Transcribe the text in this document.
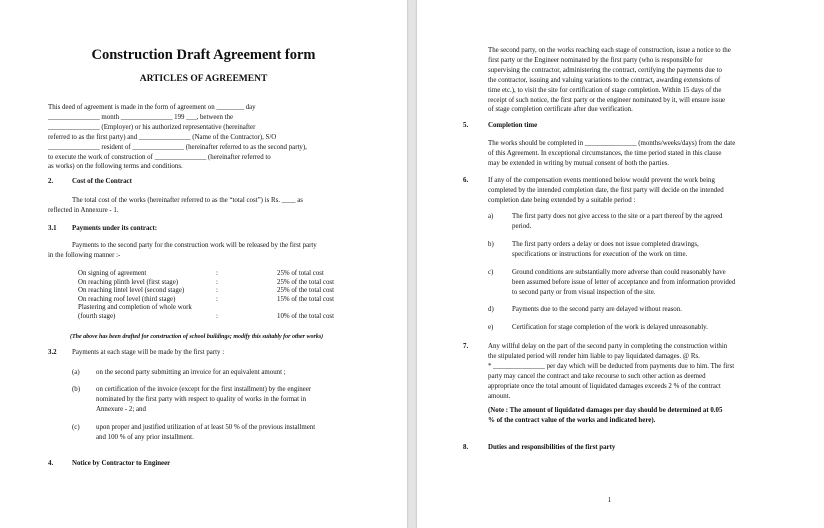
Construction Draft Agreement form
ARTICLES OF AGREEMENT
This deed of agreement is made in the form of agreement on ________ day
_______________ month _______________ 199 ___, between the
_______________ (Employer) or his authorized representative (hereinafter
referred to as the first party) and _______________ (Name of the Contractor), S/O
_______________ resident of _______________ (hereinafter referred to as the second party),
to execute the work of construction of _______________ (hereinafter referred to
as works) on the following terms and conditions.
2.	Cost of the Contract
The total cost of the works (hereinafter referred to as the “total cost”) is Rs. ____ as
reflected in Annexure - 1.
3.1 Payments under its contract:
Payments to the second party for the construction work will be released by the first party
in the following manner :-
On signing of agreement	:	25% of total cost
On reaching plinth level (first stage)	:	25% of the total cost
On reaching lintel level (second stage)	:	25% of the total cost
On reaching roof level (third stage)	:	15% of the total cost
Plastering and completion of whole work
(fourth stage)	:	10% of the total cost
(The above has been drafted for construction of school buildings; modify this suitably for other works)
3.2 Payments at each stage will be made by the first party :
(a) on the second party submitting an invoice for an equivalent amount ;
(b) on certification of the invoice (except for the first installment) by the engineer
nominated by the first party with respect to quality of works in the format in
Annexure - 2; and
(c) upon proper and justified utilization of at least 50 % of the previous installment
and 100 % of any prior installment.
4.	Notice by Contractor to Engineer
The second party, on the works reaching each stage of construction, issue a notice to the
first party or the Engineer nominated by the first party (who is responsible for
supervising the contractor, administering the contract, certifying the payments due to
the contractor, issuing and valuing variations to the contract, awarding extensions of
time etc.), to visit the site for certification of stage completion. Within 15 days of the
receipt of such notice, the first party or the engineer nominated by it, will ensure issue
of stage completion certificate after due verification.
5.	Completion time
The works should be completed in _______________ (months/weeks/days) from the date
of this Agreement. In exceptional circumstances, the time period stated in this clause
may be extended in writing by mutual consent of both the parties.
6.	If any of the compensation events mentioned below would prevent the work being
completed by the intended completion date, the first party will decide on the intended
completion date being extended by a suitable period :
a)	The first party does not give access to the site or a part thereof by the agreed
period.
b)	The first party orders a delay or does not issue completed drawings,
specifications or instructions for execution of the work on time.
c)	Ground conditions are substantially more adverse than could reasonably have
been assumed before issue of letter of acceptance and from information provided
to second party or from visual inspection of the site.
d)	Payments due to the second party are delayed without reason.
e)	Certification for stage completion of the work is delayed unreasonably.
7.	Any willful delay on the part of the second party in completing the construction within
the stipulated period will render him liable to pay liquidated damages. @ Rs.
* _______________ per day which will be deducted from payments due to him. The first
party may cancel the contract and take recourse to such other action as deemed
appropriate once the total amount of liquidated damages exceeds 2 % of the contract
amount.
(Note : The amount of liquidated damages per day should be determined at 0.05
% of the contract value of the works and indicated here).
8.	Duties and responsibilities of the first party
1
